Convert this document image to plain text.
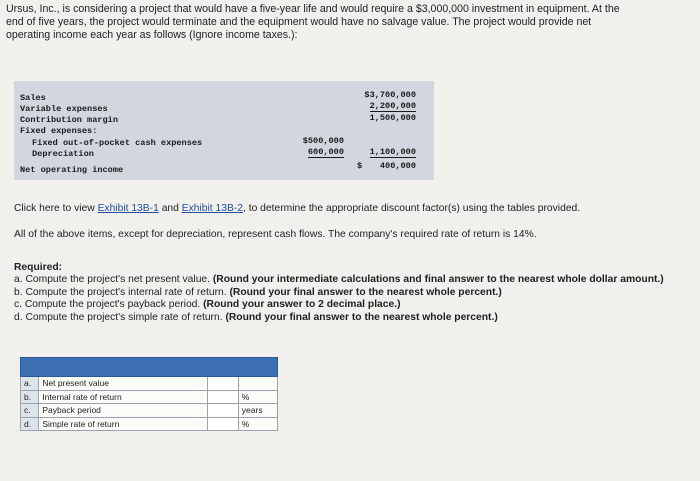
Ursus, Inc., is considering a project that would have a five-year life and would require a $3,000,000 investment in equipment. At the
end of five years, the project would terminate and the equipment would have no salvage value. The project would provide net
operating income each year as follows (Ignore income taxes.):
Sales	$3,700,000
Variable expenses	2,200,000
Contribution margin	1,500,000
Fixed expenses:
Fixed out-of-pocket cash expenses	$500,000
Depreciation	600,000	1,100,000
Net operating income	$ 400,000
Click here to view Exhibit 13B-1 and Exhibit 13B-2, to determine the appropriate discount factor(s) using the tables provided.
All of the above items, except for depreciation, represent cash flows. The company's required rate of return is 14%.
Required:
a. Compute the project's net present value. (Round your intermediate calculations and final answer to the nearest whole dollar amount.)
b. Compute the project's internal rate of return. (Round your final answer to the nearest whole percent.)
c. Compute the project's payback period. (Round your answer to 2 decimal place.)
d. Compute the project's simple rate of return. (Round your final answer to the nearest whole percent.)

a.	Net present value		
b.	Internal rate of return		%
c.	Payback period		years
d.	Simple rate of return		%
